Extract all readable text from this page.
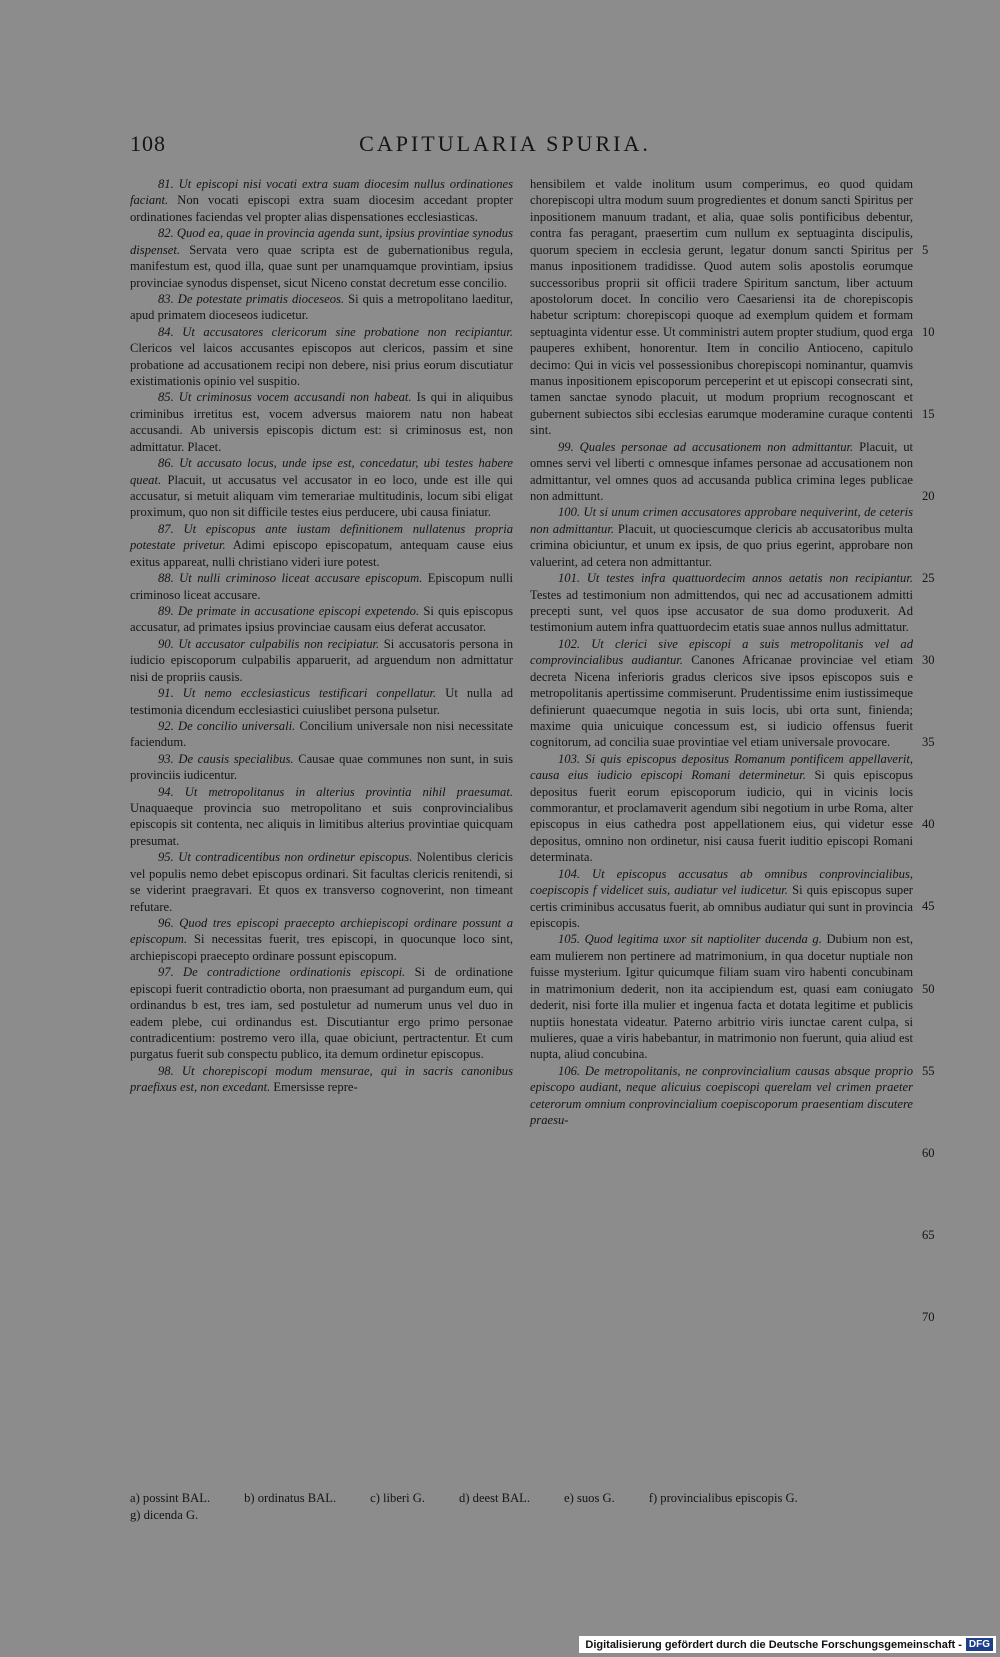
108	CAPITULARIA SPURIA.

81. Ut episcopi nisi vocati extra suam diocesim nullus ordinationes faciant. Non vocati episcopi extra suam diocesim accedant propter ordinationes faciendas vel propter alias dispensationes ecclesiasticas.

82. Quod ea, quae in provincia agenda sunt, ipsius provintiae synodus dispenset. Servata vero quae scripta est de gubernationibus regula, manifestum est, quod illa, quae sunt per unamquamque provintiam, ipsius provinciae synodus dispenset, sicut Niceno constat decretum esse concilio.

83. De potestate primatis dioceseos. Si quis a metropolitano laeditur, apud primatem dioceseos iudicetur.

84. Ut accusatores clericorum sine probatione non recipiantur. Clericos vel laicos accusantes episcopos aut clericos, passim et sine probatione ad accusationem recipi non debere, nisi prius eorum discutiatur existimationis opinio vel suspitio.

85. Ut criminosus vocem accusandi non habeat. Is qui in aliquibus criminibus irretitus est, vocem adversus maiorem natu non habeat accusandi. Ab universis episcopis dictum est: si criminosus est, non admittatur. Placet.

86. Ut accusato locus, unde ipse est, concedatur, ubi testes habere queat. Placuit, ut accusatus vel accusator in eo loco, unde est ille qui accusatur, si metuit aliquam vim temerariae multitudinis, locum sibi eligat proximum, quo non sit difficile testes eius perducere, ubi causa finiatur.

87. Ut episcopus ante iustam definitionem nullatenus propria potestate privetur. Adimi episcopo episcopatum, antequam cause eius exitus appareat, nulli christiano videri iure potest.

88. Ut nulli criminoso liceat accusare episcopum. Episcopum nulli criminoso liceat accusare.

89. De primate in accusatione episcopi expetendo. Si quis episcopus accusatur, ad primates ipsius provinciae causam eius deferat accusator.

90. Ut accusator culpabilis non recipiatur. Si accusatoris persona in iudicio episcoporum culpabilis apparuerit, ad arguendum non admittatur nisi de propriis causis.

91. Ut nemo ecclesiasticus testificari conpellatur. Ut nulla ad testimonia dicendum ecclesiastici cuiuslibet persona pulsetur.

92. De concilio universali. Concilium universale non nisi necessitate faciendum.

93. De causis specialibus. Causae quae communes non sunt, in suis provinciis iudicentur.

94. Ut metropolitanus in alterius provintia nihil praesumat. Unaquaeque provincia suo metropolitano et suis conprovincialibus episcopis sit contenta, nec aliquis in limitibus alterius provintiae quicquam presumat.

95. Ut contradicentibus non ordinetur episcopus. Nolentibus clericis vel populis nemo debet episcopus ordinari. Sit facultas clericis renitendi, si se viderint praegravari. Et quos ex transverso cognoverint, non timeant refutare.

96. Quod tres episcopi praecepto archiepiscopi ordinare possunt a episcopum. Si necessitas fuerit, tres episcopi, in quocunque loco sint, archiepiscopi praecepto ordinare possunt episcopum.

97. De contradictione ordinationis episcopi. Si de ordinatione episcopi fuerit contradictio oborta, non praesumant ad purgandum eum, qui ordinandus b est, tres iam, sed postuletur ad numerum unus vel duo in eadem plebe, cui ordinandus est. Discutiantur ergo primo personae contradicentium: postremo vero illa, quae obiciunt, pertractentur. Et cum purgatus fuerit sub conspectu publico, ita demum ordinetur episcopus.

98. Ut chorepiscopi modum mensurae, qui in sacris canonibus praefixus est, non excedant. Emersisse repre-

hensibilem et valde inolitum usum comperimus, eo quod quidam chorepiscopi ultra modum suum progredientes et donum sancti Spiritus per inpositionem manuum tradant, et alia, quae solis pontificibus debentur, contra fas peragant, praesertim cum nullum ex septuaginta discipulis, quorum speciem in ecclesia gerunt, legatur donum sancti Spiritus per manus inpositionem tradidisse. Quod autem solis apostolis eorumque successoribus proprii sit officii tradere Spiritum sanctum, liber actuum apostolorum docet. In concilio vero Caesariensi ita de chorepiscopis habetur scriptum: chorepiscopi quoque ad exemplum quidem et formam septuaginta videntur esse. Ut comministri autem propter studium, quod erga pauperes exhibent, honorentur. Item in concilio Antioceno, capitulo decimo: Qui in vicis vel possessionibus chorepiscopi nominantur, quamvis manus inpositionem episcoporum perceperint et ut episcopi consecrati sint, tamen sanctae synodo placuit, ut modum proprium recognoscant et gubernent subiectos sibi ecclesias earumque moderamine curaque contenti sint.

99. Quales personae ad accusationem non admittantur. Placuit, ut omnes servi vel liberti c omnesque infames personae ad accusationem non admittantur, vel omnes quos ad accusanda publica crimina leges publicae non admittunt.

100. Ut si unum crimen accusatores approbare nequiverint, de ceteris non admittantur. Placuit, ut quociescumque clericis ab accusatoribus multa crimina obiciuntur, et unum ex ipsis, de quo prius egerint, approbare non valuerint, ad cetera non admittantur.

101. Ut testes infra quattuordecim annos aetatis non recipiantur. Testes ad testimonium non admittendos, qui nec ad accusationem admitti precepti sunt, vel quos ipse accusator de sua domo produxerit. Ad testimonium autem infra quattuordecim etatis suae annos nullus admittatur.

102. Ut clerici sive episcopi a suis metropolitanis vel ad comprovincialibus audiantur. Canones Africanae provinciae vel etiam decreta Nicena inferioris gradus clericos sive ipsos episcopos suis e metropolitanis apertissime commiserunt. Prudentissime enim iustissimeque definierunt quaecumque negotia in suis locis, ubi orta sunt, finienda; maxime quia unicuique concessum est, si iudicio offensus fuerit cognitorum, ad concilia suae provintiae vel etiam universale provocare.

103. Si quis episcopus depositus Romanum pontificem appellaverit, causa eius iudicio episcopi Romani determinetur. Si quis episcopus depositus fuerit eorum episcoporum iudicio, qui in vicinis locis commorantur, et proclamaverit agendum sibi negotium in urbe Roma, alter episcopus in eius cathedra post appellationem eius, qui videtur esse depositus, omnino non ordinetur, nisi causa fuerit iuditio episcopi Romani determinata.

104. Ut episcopus accusatus ab omnibus conprovincialibus, coepiscopis f videlicet suis, audiatur vel iudicetur. Si quis episcopus super certis criminibus accusatus fuerit, ab omnibus audiatur qui sunt in provincia episcopis.

105. Quod legitima uxor sit naptioliter ducenda g. Dubium non est, eam mulierem non pertinere ad matrimonium, in qua docetur nuptiale non fuisse mysterium. Igitur quicumque filiam suam viro habenti concubinam in matrimonium dederit, non ita accipiendum est, quasi eam coniugato dederit, nisi forte illa mulier et ingenua facta et dotata legitime et publicis nuptiis honestata videatur. Paterno arbitrio viris iunctae carent culpa, si mulieres, quae a viris habebantur, in matrimonio non fuerunt, quia aliud est nupta, aliud concubina.

106. De metropolitanis, ne conprovincialium causas absque proprio episcopo audiant, neque alicuius coepiscopi querelam vel crimen praeter ceterorum omnium conprovincialium coepiscoporum praesentiam discutere praesu-

5
10
15
20
25
30
35
40
45
50
55
60
65
70
a) possint BAL.	b) ordinatus BAL.	c) liberi G.	d) deest BAL.	e) suos G.	f) provincialibus episcopis G.g) dicenda G.
Digitalisierung gefördert durch die Deutsche Forschungsgemeinschaft - DFG
